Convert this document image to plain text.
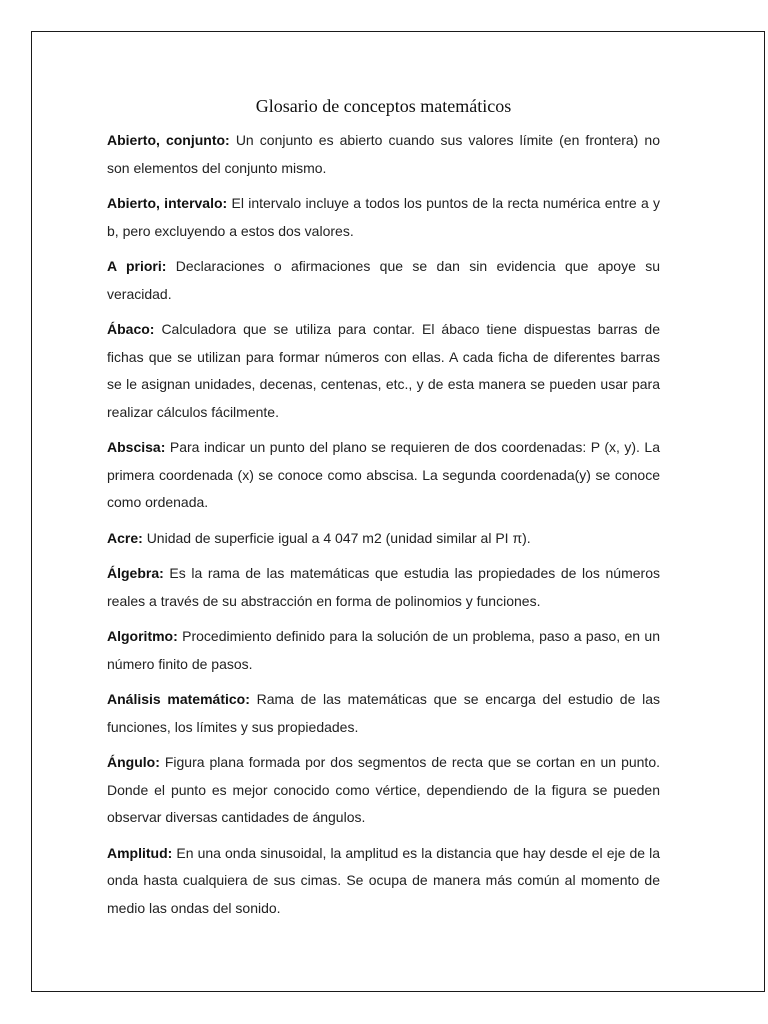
Glosario de conceptos matemáticos

Abierto, conjunto: Un conjunto es abierto cuando sus valores límite (en frontera) no son elementos del conjunto mismo.

Abierto, intervalo: El intervalo incluye a todos los puntos de la recta numérica entre a y b, pero excluyendo a estos dos valores.

A priori: Declaraciones o afirmaciones que se dan sin evidencia que apoye su veracidad.

Ábaco: Calculadora que se utiliza para contar. El ábaco tiene dispuestas barras de fichas que se utilizan para formar números con ellas. A cada ficha de diferentes barras se le asignan unidades, decenas, centenas, etc., y de esta manera se pueden usar para realizar cálculos fácilmente.

Abscisa: Para indicar un punto del plano se requieren de dos coordenadas: P (x, y). La primera coordenada (x) se conoce como abscisa. La segunda coordenada(y) se conoce como ordenada.

Acre: Unidad de superficie igual a 4 047 m2 (unidad similar al PI π).

Álgebra: Es la rama de las matemáticas que estudia las propiedades de los números reales a través de su abstracción en forma de polinomios y funciones.

Algoritmo: Procedimiento definido para la solución de un problema, paso a paso, en un número finito de pasos.

Análisis matemático: Rama de las matemáticas que se encarga del estudio de las funciones, los límites y sus propiedades.

Ángulo: Figura plana formada por dos segmentos de recta que se cortan en un punto. Donde el punto es mejor conocido como vértice, dependiendo de la figura se pueden observar diversas cantidades de ángulos.

Amplitud: En una onda sinusoidal, la amplitud es la distancia que hay desde el eje de la onda hasta cualquiera de sus cimas. Se ocupa de manera más común al momento de medio las ondas del sonido.
